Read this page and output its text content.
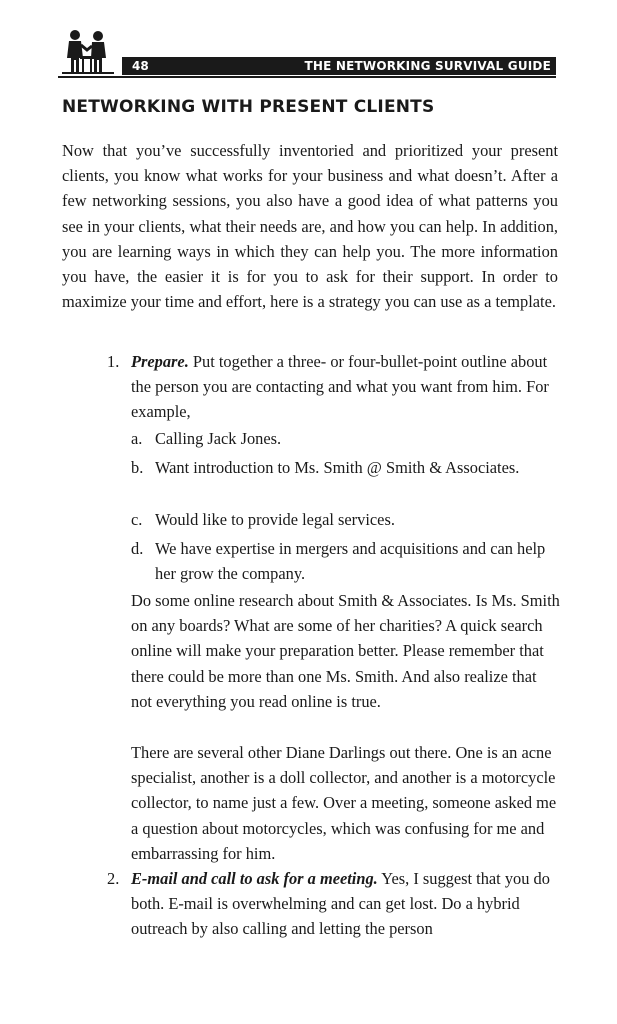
48	THE NETWORKING SURVIVAL GUIDE
NETWORKING WITH PRESENT CLIENTS

Now that you’ve successfully inventoried and prioritized your present clients, you know what works for your business and what doesn’t. After a few networking sessions, you also have a good idea of what patterns you see in your clients, what their needs are, and how you can help. In addition, you are learning ways in which they can help you. The more information you have, the easier it is for you to ask for their support. In order to maximize your time and effort, here is a strategy you can use as a template.

1. Prepare. Put together a three- or four-bullet-point outline about the person you are contacting and what you want from him. For example,
a. Calling Jack Jones.
b. Want introduction to Ms. Smith @ Smith & Associates.
c. Would like to provide legal services.
d. We have expertise in mergers and acquisitions and can help her grow the company.

Do some online research about Smith & Associates. Is Ms. Smith on any boards? What are some of her charities? A quick search online will make your preparation better. Please remember that there could be more than one Ms. Smith. And also realize that not everything you read online is true.

There are several other Diane Darlings out there. One is an acne specialist, another is a doll collector, and another is a motorcycle collector, to name just a few. Over a meeting, someone asked me a question about motorcycles, which was confusing for me and embarrassing for him.

2. E-mail and call to ask for a meeting. Yes, I suggest that you do both. E-mail is overwhelming and can get lost. Do a hybrid outreach by also calling and letting the person
